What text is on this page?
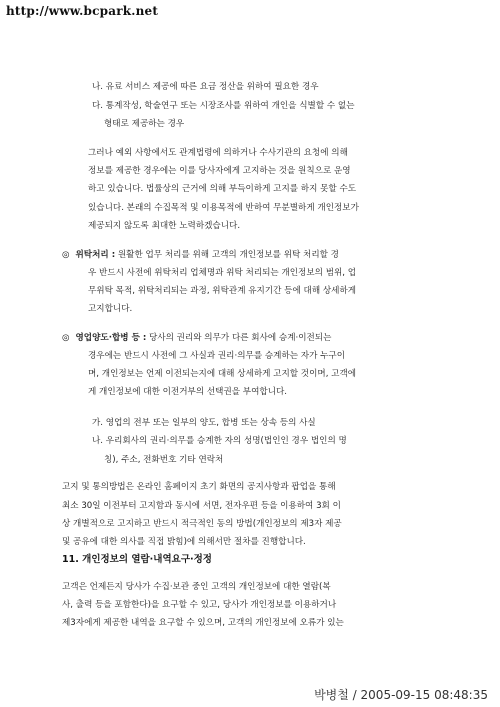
http://www.bcpark.net
나. 유료 서비스 제공에 따른 요금 정산을 위하여 필요한 경우
다. 통계작성, 학술연구 또는 시장조사를 위하여 개인을 식별할 수 없는
형태로 제공하는 경우
그러나 예외 사항에서도 관계법령에 의하거나 수사기관의 요청에 의해
정보를 제공한 경우에는 이를 당사자에게 고지하는 것을 원칙으로 운영
하고 있습니다. 법률상의 근거에 의해 부득이하게 고지를 하지 못할 수도
있습니다. 본래의 수집목적 및 이용목적에 반하여 무분별하게 개인정보가
제공되지 않도록 최대한 노력하겠습니다.
◎ 위탁처리 : 원활한 업무 처리를 위해 고객의 개인정보를 위탁 처리할 경
우 반드시 사전에 위탁처리 업체명과 위탁 처리되는 개인정보의 범위, 업
무위탁 목적, 위탁처리되는 과정, 위탁관계 유지기간 등에 대해 상세하게
고지합니다.
◎ 영업양도·합병 등 : 당사의 권리와 의무가 다른 회사에 승계·이전되는
경우에는 반드시 사전에 그 사실과 권리·의무를 승계하는 자가 누구이
며, 개인정보는 언제 이전되는지에 대해 상세하게 고지할 것이며, 고객에
게 개인정보에 대한 이전거부의 선택권을 부여합니다.
가. 영업의 전부 또는 일부의 양도, 합병 또는 상속 등의 사실
나. 우리회사의 권리·의무를 승계한 자의 성명(법인인 경우 법인의 명
칭), 주소, 전화번호 기타 연락처
고지 및 통의방법은 온라인 홈페이지 초기 화면의 공지사항과 팝업을 통해
최소 30일 이전부터 고지함과 동시에 서면, 전자우편 등을 이용하여 3회 이
상 개별적으로 고지하고 반드시 적극적인 동의 방법(개인정보의 제3자 제공
및 공유에 대한 의사를 직접 밝힘)에 의해서만 절차를 진행합니다.
11. 개인정보의 열람·내역요구·정정
고객은 언제든지 당사가 수집·보관 중인 고객의 개인정보에 대한 열람(복
사, 출력 등을 포함한다)을 요구할 수 있고, 당사가 개인정보를 이용하거나
제3자에게 제공한 내역을 요구할 수 있으며, 고객의 개인정보에 오류가 있는
박병철 / 2005-09-15 08:48:35
